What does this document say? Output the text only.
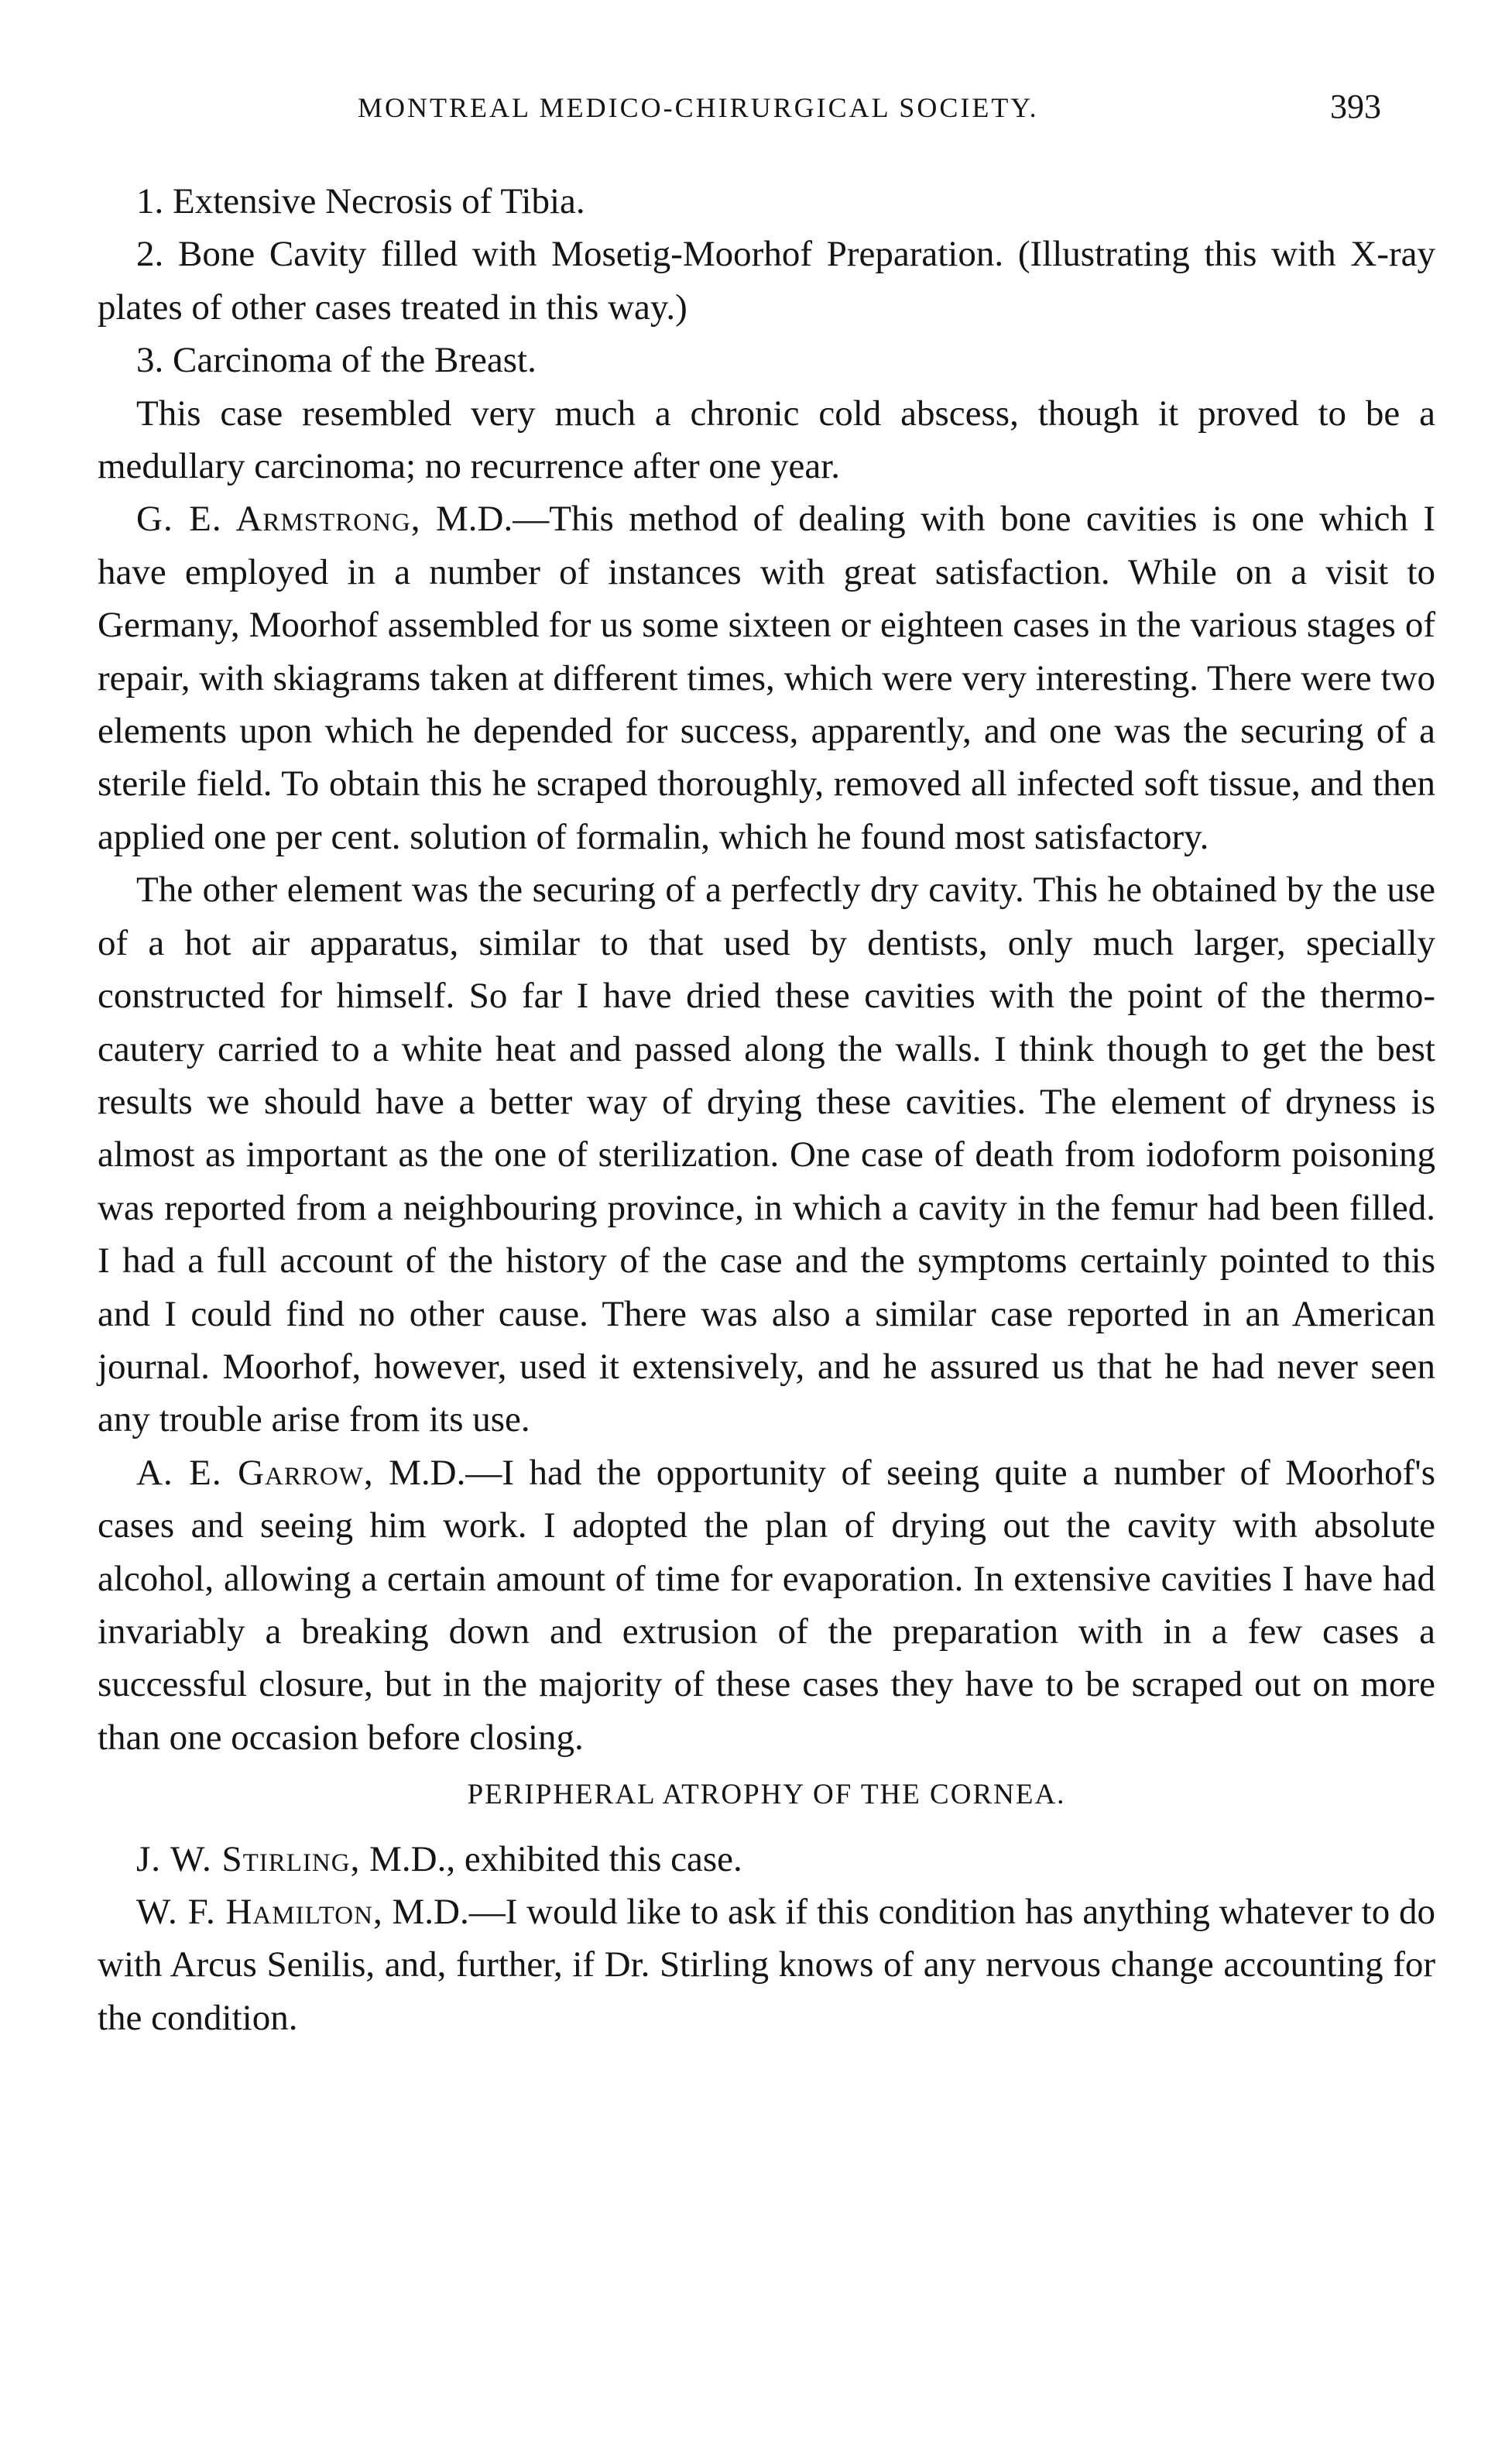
MONTREAL MEDICO-CHIRURGICAL SOCIETY.	393

1. Extensive Necrosis of Tibia.

2. Bone Cavity filled with Mosetig-Moorhof Preparation. (Illustrating this with X-ray plates of other cases treated in this way.)

3. Carcinoma of the Breast.

This case resembled very much a chronic cold abscess, though it proved to be a medullary carcinoma; no recurrence after one year.

G. E. Armstrong, M.D.—This method of dealing with bone cavities is one which I have employed in a number of instances with great satisfaction. While on a visit to Germany, Moorhof assembled for us some sixteen or eighteen cases in the various stages of repair, with skiagrams taken at different times, which were very interesting. There were two elements upon which he depended for success, apparently, and one was the securing of a sterile field. To obtain this he scraped thoroughly, removed all infected soft tissue, and then applied one per cent. solution of formalin, which he found most satisfactory.

The other element was the securing of a perfectly dry cavity. This he obtained by the use of a hot air apparatus, similar to that used by dentists, only much larger, specially constructed for himself. So far I have dried these cavities with the point of the thermo-cautery carried to a white heat and passed along the walls. I think though to get the best results we should have a better way of drying these cavities. The element of dryness is almost as important as the one of sterilization. One case of death from iodoform poisoning was reported from a neighbouring province, in which a cavity in the femur had been filled. I had a full account of the history of the case and the symptoms certainly pointed to this and I could find no other cause. There was also a similar case reported in an American journal. Moorhof, however, used it extensively, and he assured us that he had never seen any trouble arise from its use.

A. E. Garrow, M.D.—I had the opportunity of seeing quite a number of Moorhof's cases and seeing him work. I adopted the plan of drying out the cavity with absolute alcohol, allowing a certain amount of time for evaporation. In extensive cavities I have had invariably a breaking down and extrusion of the preparation with in a few cases a successful closure, but in the majority of these cases they have to be scraped out on more than one occasion before closing.

PERIPHERAL ATROPHY OF THE CORNEA.

J. W. Stirling, M.D., exhibited this case.

W. F. Hamilton, M.D.—I would like to ask if this condition has anything whatever to do with Arcus Senilis, and, further, if Dr. Stirling knows of any nervous change accounting for the condition.
